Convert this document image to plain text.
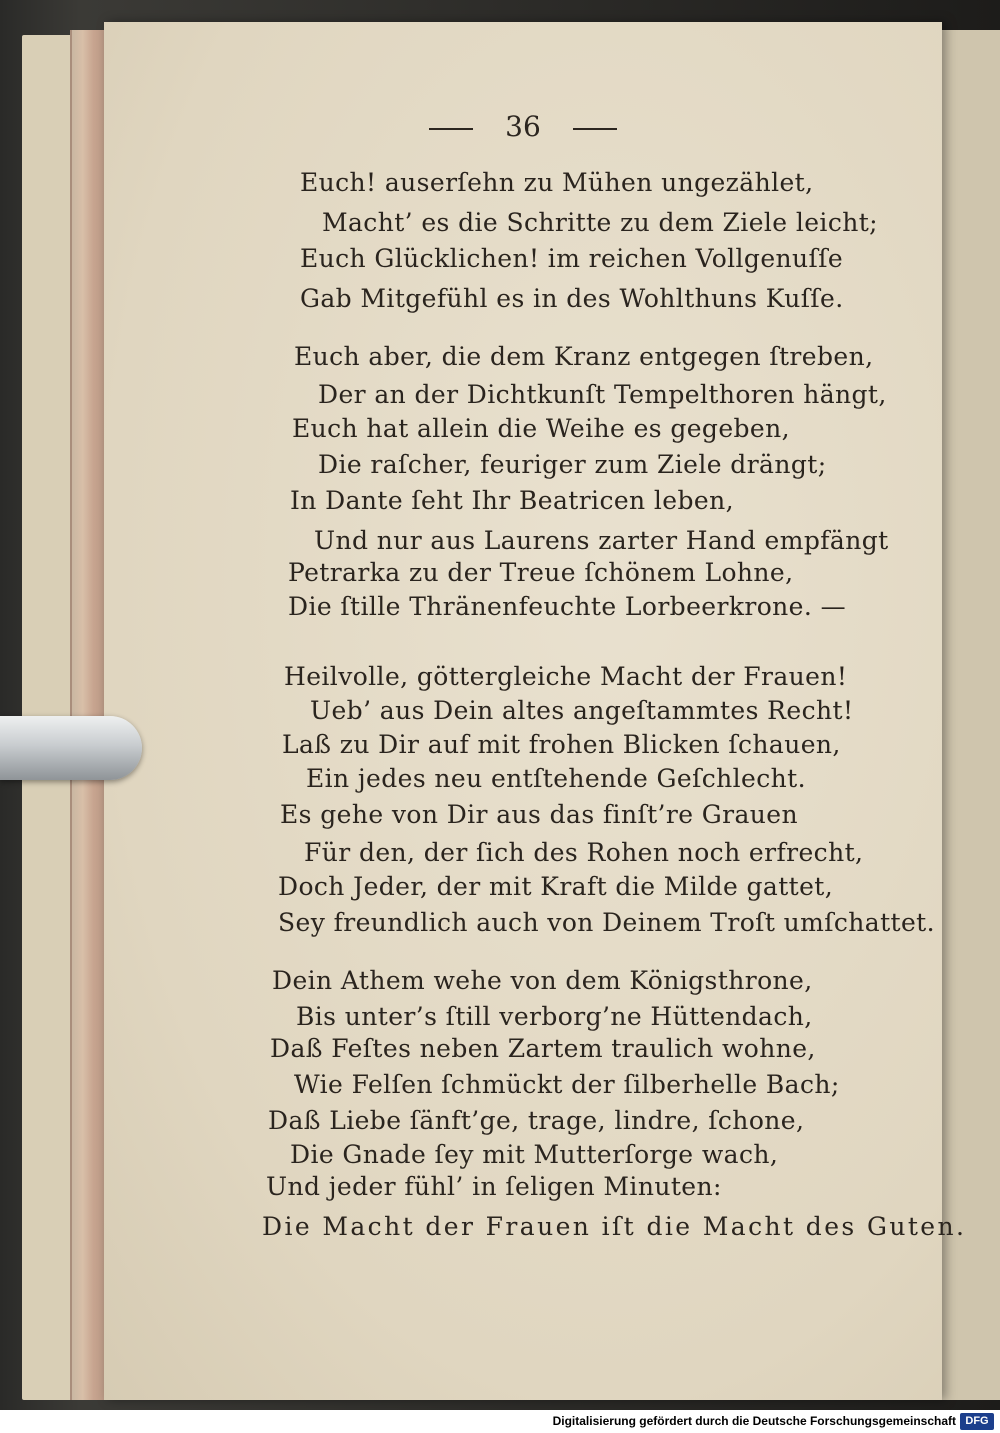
36
Euch! auserſehn zu Mühen ungezählet,
Macht’ es die Schritte zu dem Ziele leicht;
Euch Glücklichen! im reichen Vollgenuſſe
Gab Mitgefühl es in des Wohlthuns Kuſſe.
Euch aber, die dem Kranz entgegen ſtreben,
Der an der Dichtkunſt Tempelthoren hängt,
Euch hat allein die Weihe es gegeben,
Die raſcher, feuriger zum Ziele drängt;
In Dante ſeht Ihr Beatricen leben,
Und nur aus Laurens zarter Hand empfängt
Petrarka zu der Treue ſchönem Lohne,
Die ſtille Thränenfeuchte Lorbeerkrone. —
Heilvolle, göttergleiche Macht der Frauen!
Ueb’ aus Dein altes angeſtammtes Recht!
Laß zu Dir auf mit frohen Blicken ſchauen,
Ein jedes neu entſtehende Geſchlecht.
Es gehe von Dir aus das finſt’re Grauen
Für den, der ſich des Rohen noch erfrecht,
Doch Jeder, der mit Kraft die Milde gattet,
Sey freundlich auch von Deinem Troſt umſchattet.
Dein Athem wehe von dem Königsthrone,
Bis unter’s ſtill verborg’ne Hüttendach,
Daß Feſtes neben Zartem traulich wohne,
Wie Felſen ſchmückt der ſilberhelle Bach;
Daß Liebe ſänft’ge, trage, lindre, ſchone,
Die Gnade ſey mit Mutterſorge wach,
Und jeder fühl’ in ſeligen Minuten:
Die Macht der Frauen iſt die Macht des Guten.
Digitalisierung gefördert durch die Deutsche Forschungsgemeinschaft DFG
